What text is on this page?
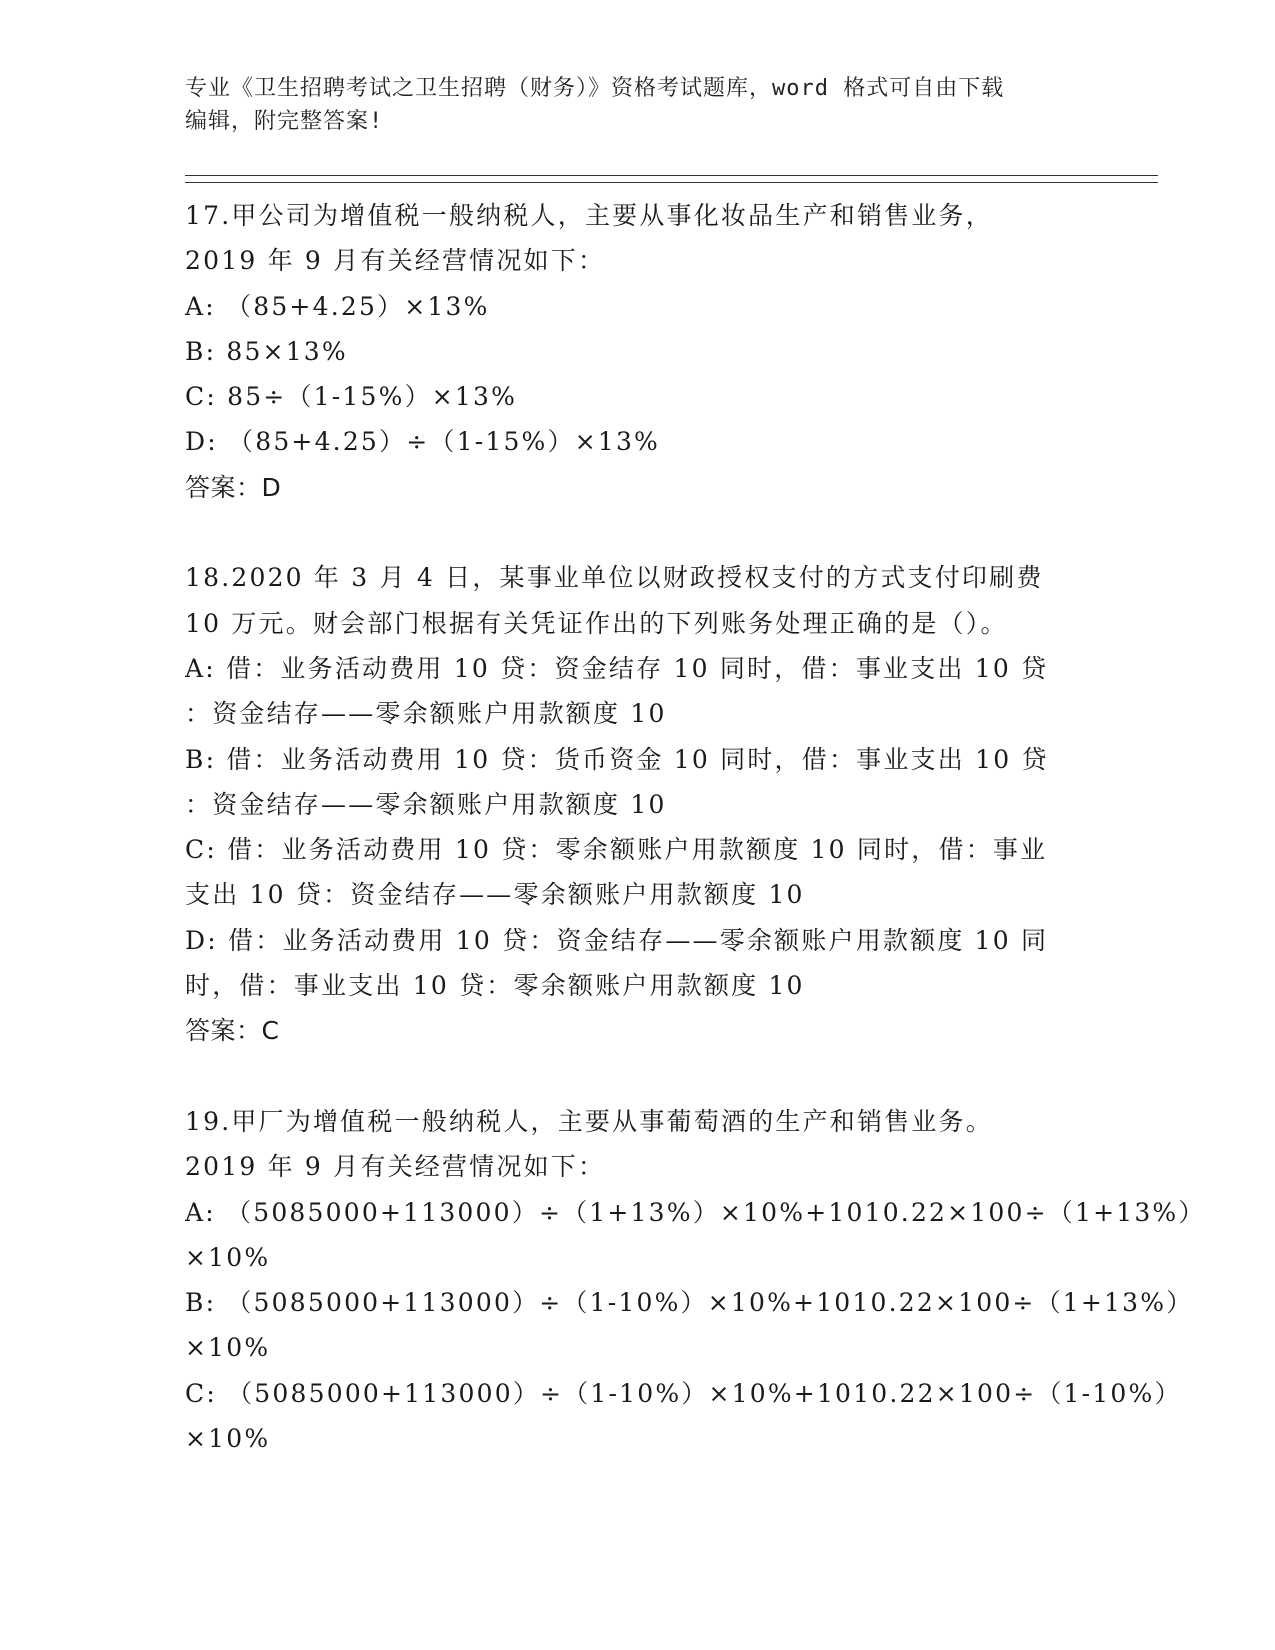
专业《卫生招聘考试之卫生招聘（财务）》资格考试题库，word 格式可自由下载
编辑，附完整答案!
17.甲公司为增值税一般纳税人，主要从事化妆品生产和销售业务，
2019 年 9 月有关经营情况如下：
A: （85+4.25）×13%
B: 85×13%
C: 85÷（1-15%）×13%
D: （85+4.25）÷（1-15%）×13%
答案：D
18.2020 年 3 月 4 日，某事业单位以财政授权支付的方式支付印刷费
10 万元。财会部门根据有关凭证作出的下列账务处理正确的是（）。
A: 借：业务活动费用 10 贷：资金结存 10 同时，借：事业支出 10 贷
：资金结存——零余额账户用款额度 10
B: 借：业务活动费用 10 贷：货币资金 10 同时，借：事业支出 10 贷
：资金结存——零余额账户用款额度 10
C: 借：业务活动费用 10 贷：零余额账户用款额度 10 同时，借：事业
支出 10 贷：资金结存——零余额账户用款额度 10
D: 借：业务活动费用 10 贷：资金结存——零余额账户用款额度 10 同
时，借：事业支出 10 贷：零余额账户用款额度 10
答案：C
19.甲厂为增值税一般纳税人，主要从事葡萄酒的生产和销售业务。
2019 年 9 月有关经营情况如下：
A: （5085000+113000）÷（1+13%）×10%+1010.22×100÷（1+13%）
×10%
B: （5085000+113000）÷（1-10%）×10%+1010.22×100÷（1+13%）
×10%
C: （5085000+113000）÷（1-10%）×10%+1010.22×100÷（1-10%）
×10%
